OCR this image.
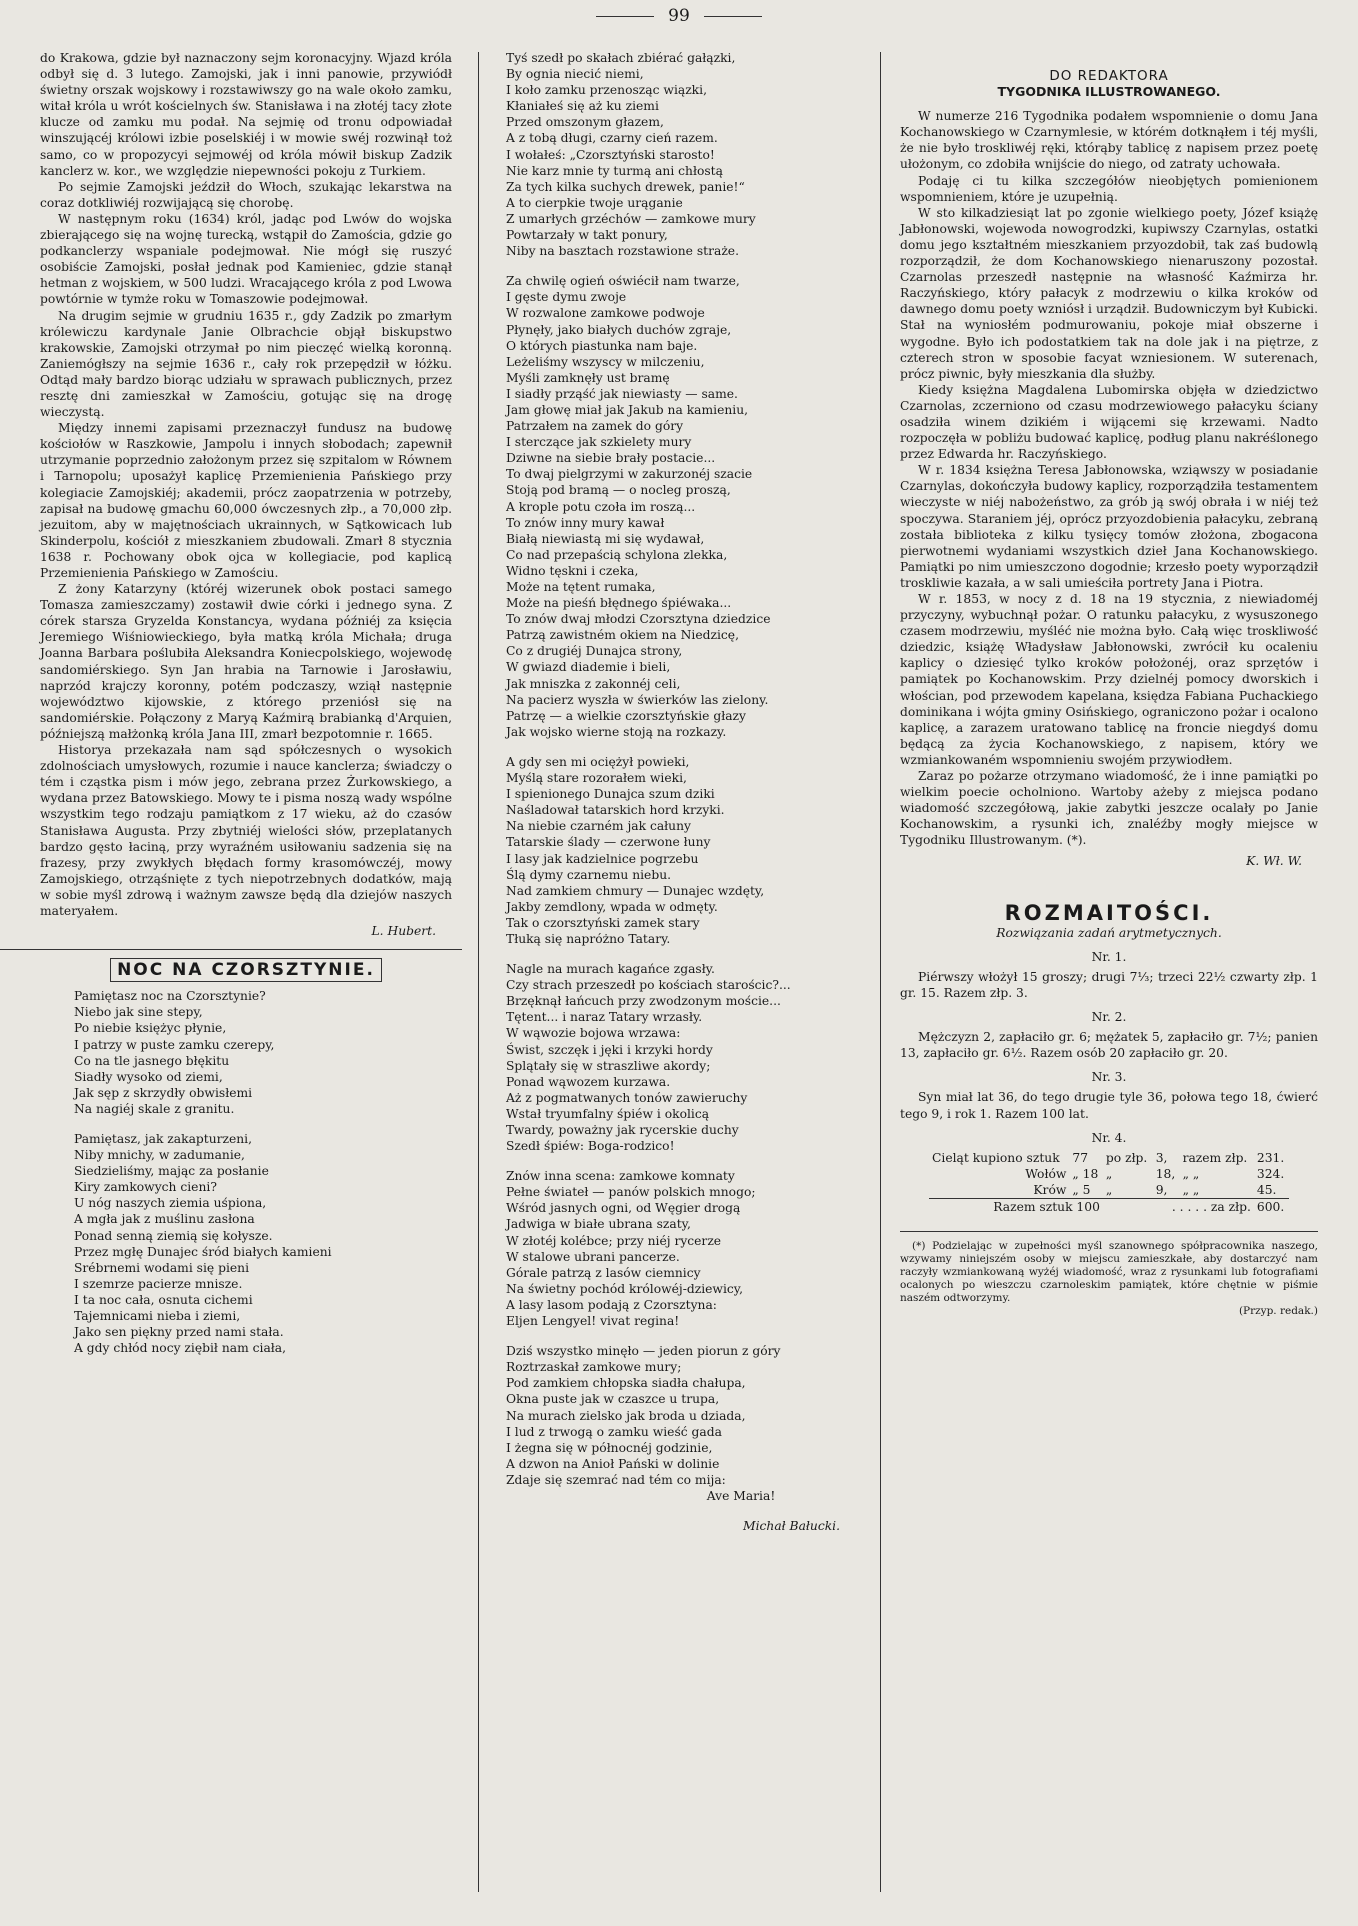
99

do Krakowa, gdzie był naznaczony sejm koronacyjny. Wjazd króla odbył się d. 3 lutego. Zamojski, jak i inni panowie, przywiódł świetny orszak wojskowy i rozstawiwszy go na wale około zamku, witał króla u wrót kościelnych św. Stanisława i na złotéj tacy złote klucze od zamku mu podał. Na sejmię od tronu odpowiadał winszującéj królowi izbie poselskiéj i w mowie swéj rozwinął toż samo, co w propozycyi sejmowéj od króla mówił biskup Zadzik kanclerz w. kor., we względzie niepewności pokoju z Turkiem.

Po sejmie Zamojski jeździł do Włoch, szukając lekarstwa na coraz dotkliwiéj rozwijającą się chorobę.

W następnym roku (1634) król, jadąc pod Lwów do wojska zbierającego się na wojnę turecką, wstąpił do Zamościa, gdzie go podkanclerzy wspaniale podejmował. Nie mógł się ruszyć osobiście Zamojski, posłał jednak pod Kamieniec, gdzie stanął hetman z wojskiem, w 500 ludzi. Wracającego króla z pod Lwowa powtórnie w tymże roku w Tomaszowie podejmował.

Na drugim sejmie w grudniu 1635 r., gdy Zadzik po zmarłym królewiczu kardynale Janie Olbrachcie objął biskupstwo krakowskie, Zamojski otrzymał po nim pieczęć wielką koronną. Zaniemógłszy na sejmie 1636 r., cały rok przepędził w łóżku. Odtąd mały bardzo biorąc udziału w sprawach publicznych, przez resztę dni zamieszkał w Zamościu, gotując się na drogę wieczystą.

Między innemi zapisami przeznaczył fundusz na budowę kościołów w Raszkowie, Jampolu i innych słobodach; zapewnił utrzymanie poprzednio założonym przez się szpitalom w Równem i Tarnopolu; uposażył kaplicę Przemienienia Pańskiego przy kolegiacie Zamojskiéj; akademii, prócz zaopatrzenia w potrzeby, zapisał na budowę gmachu 60,000 ówczesnych złp., a 70,000 złp. jezuitom, aby w majętnościach ukrainnych, w Sątkowicach lub Skinderpolu, kościół z mieszkaniem zbudowali. Zmarł 8 stycznia 1638 r. Pochowany obok ojca w kollegiacie, pod kaplicą Przemienienia Pańskiego w Zamościu.

Z żony Katarzyny (któréj wizerunek obok postaci samego Tomasza zamieszczamy) zostawił dwie córki i jednego syna. Z córek starsza Gryzelda Konstancya, wydana późniéj za księcia Jeremiego Wiśniowieckiego, była matką króla Michała; druga Joanna Barbara poślubiła Aleksandra Koniecpolskiego, wojewodę sandomiérskiego. Syn Jan hrabia na Tarnowie i Jarosławiu, naprzód krajczy koronny, potém podczaszy, wziął następnie województwo kijowskie, z którego przeniósł się na sandomiérskie. Połączony z Maryą Kaźmirą brabianką d'Arquien, późniejszą małżonką króla Jana III, zmarł bezpotomnie r. 1665.

Historya przekazała nam sąd spółczesnych o wysokich zdolnościach umysłowych, rozumie i nauce kanclerza; świadczy o tém i cząstka pism i mów jego, zebrana przez Żurkowskiego, a wydana przez Batowskiego. Mowy te i pisma noszą wady wspólne wszystkim tego rodzaju pamiątkom z 17 wieku, aż do czasów Stanisława Augusta. Przy zbytniéj wielości słów, przeplatanych bardzo gęsto łaciną, przy wyraźném usiłowaniu sadzenia się na frazesy, przy zwykłych błędach formy krasomówczéj, mowy Zamojskiego, otrząśnięte z tych niepotrzebnych dodatków, mają w sobie myśl zdrową i ważnym zawsze będą dla dziejów naszych materyałem.

L. Hubert.
NOC NA CZORSZTYNIE.
Pamiętasz noc na Czorsztynie?
Niebo jak sine stepy,
Po niebie księżyc płynie,
I patrzy w puste zamku czerepy,
Co na tle jasnego błękitu
Siadły wysoko od ziemi,
Jak sęp z skrzydły obwisłemi
Na nagiéj skale z granitu.
Pamiętasz, jak zakapturzeni,
Niby mnichy, w zadumanie,
Siedzieliśmy, mając za posłanie
Kiry zamkowych cieni?
U nóg naszych ziemia uśpiona,
A mgła jak z muślinu zasłona
Ponad senną ziemią się kołysze.
Przez mgłę Dunajec śród białych kamieni
Srébrnemi wodami się pieni
I szemrze pacierze mnisze.
I ta noc cała, osnuta cichemi
Tajemnicami nieba i ziemi,
Jako sen piękny przed nami stała.
A gdy chłód nocy ziębił nam ciała,
Tyś szedł po skałach zbiérać gałązki,
By ognia niecić niemi,
I koło zamku przenosząc wiązki,
Kłaniałeś się aż ku ziemi
Przed omszonym głazem,
A z tobą długi, czarny cień razem.
I wołałeś: „Czorsztyński starosto!
Nie karz mnie ty turmą ani chłostą
Za tych kilka suchych drewek, panie!“
A to cierpkie twoje urąganie
Z umarłych grzéchów — zamkowe mury
Powtarzały w takt ponury,
Niby na basztach rozstawione straże.
Za chwilę ogień oświécił nam twarze,
I gęste dymu zwoje
W rozwalone zamkowe podwoje
Płynęły, jako białych duchów zgraje,
O których piastunka nam baje.
Leżeliśmy wszyscy w milczeniu,
Myśli zamknęły ust bramę
I siadły prząść jak niewiasty — same.
Jam głowę miał jak Jakub na kamieniu,
Patrzałem na zamek do góry
I sterczące jak szkielety mury
Dziwne na siebie brały postacie...
To dwaj pielgrzymi w zakurzonéj szacie
Stoją pod bramą — o nocleg proszą,
A krople potu czoła im roszą...
To znów inny mury kawał
Białą niewiastą mi się wydawał,
Co nad przepaścią schylona zlekka,
Widno tęskni i czeka,
Może na tętent rumaka,
Może na pieśń błędnego śpiéwaka...
To znów dwaj młodzi Czorsztyna dziedzice
Patrzą zawistném okiem na Niedzicę,
Co z drugiéj Dunajca strony,
W gwiazd diademie i bieli,
Jak mniszka z zakonnéj celi,
Na pacierz wyszła w świerków las zielony.
Patrzę — a wielkie czorsztyńskie głazy
Jak wojsko wierne stoją na rozkazy.
A gdy sen mi ociężył powieki,
Myślą stare rozorałem wieki,
I spienionego Dunajca szum dziki
Naśladował tatarskich hord krzyki.
Na niebie czarném jak całuny
Tatarskie ślady — czerwone łuny
I lasy jak kadzielnice pogrzebu
Ślą dymy czarnemu niebu.
Nad zamkiem chmury — Dunajec wzdęty,
Jakby zemdlony, wpada w odmęty.
Tak o czorsztyński zamek stary
Tłuką się napróżno Tatary.
Nagle na murach kagańce zgasły.
Czy strach przeszedł po kościach starościc?...
Brzęknął łańcuch przy zwodzonym moście...
Tętent... i naraz Tatary wrzasły.
W wąwozie bojowa wrzawa:
Świst, szczęk i jęki i krzyki hordy
Splątały się w straszliwe akordy;
Ponad wąwozem kurzawa.
Aż z pogmatwanych tonów zawieruchy
Wstał tryumfalny śpiéw i okolicą
Twardy, poważny jak rycerskie duchy
Szedł śpiéw: Boga-rodzico!
Znów inna scena: zamkowe komnaty
Pełne świateł — panów polskich mnogo;
Wśród jasnych ogni, od Węgier drogą
Jadwiga w białe ubrana szaty,
W złotéj kolébce; przy niéj rycerze
W stalowe ubrani pancerze.
Górale patrzą z lasów ciemnicy
Na świetny pochód królowéj-dziewicy,
A lasy lasom podają z Czorsztyna:
Eljen Lengyel! vivat regina!
Dziś wszystko minęło — jeden piorun z góry
Roztrzaskał zamkowe mury;
Pod zamkiem chłopska siadła chałupa,
Okna puste jak w czaszce u trupa,
Na murach zielsko jak broda u dziada,
I lud z trwogą o zamku wieść gada
I żegna się w północnéj godzinie,
A dzwon na Anioł Pański w dolinie
Zdaje się szemrać nad tém co mija:
Ave Maria!
Michał Bałucki.
DO REDAKTORA
TYGODNIKA ILLUSTROWANEGO.

W numerze 216 Tygodnika podałem wspomnienie o domu Jana Kochanowskiego w Czarnymlesie, w którém dotknąłem i téj myśli, że nie było troskliwéj ręki, którąby tablicę z napisem przez poetę ułożonym, co zdobiła wnijście do niego, od zatraty uchowała.

Podaję ci tu kilka szczegółów nieobjętych pomienionem wspomnieniem, które je uzupełnią.

W sto kilkadziesiąt lat po zgonie wielkiego poety, Józef książę Jabłonowski, wojewoda nowogrodzki, kupiwszy Czarnylas, ostatki domu jego kształtném mieszkaniem przyozdobił, tak zaś budowlą rozporządził, że dom Kochanowskiego nienaruszony pozostał. Czarnolas przeszedł następnie na własność Kaźmirza hr. Raczyńskiego, który pałacyk z modrzewiu o kilka kroków od dawnego domu poety wzniósł i urządził. Budowniczym był Kubicki. Stał na wyniosłém podmurowaniu, pokoje miał obszerne i wygodne. Było ich podostatkiem tak na dole jak i na piętrze, z czterech stron w sposobie facyat wzniesionem. W suterenach, prócz piwnic, były mieszkania dla służby.

Kiedy księżna Magdalena Lubomirska objęła w dziedzictwo Czarnolas, zczerniono od czasu modrzewiowego pałacyku ściany osadziła winem dzikiém i wijącemi się krzewami. Nadto rozpoczęła w pobliżu budować kaplicę, podług planu nakréślonego przez Edwarda hr. Raczyńskiego.

W r. 1834 księżna Teresa Jabłonowska, wziąwszy w posiadanie Czarnylas, dokończyła budowy kaplicy, rozporządziła testamentem wieczyste w niéj nabożeństwo, za grób ją swój obrała i w niéj też spoczywa. Staraniem jéj, oprócz przyozdobienia pałacyku, zebraną została biblioteka z kilku tysięcy tomów złożona, zbogacona pierwotnemi wydaniami wszystkich dzieł Jana Kochanowskiego. Pamiątki po nim umieszczono dogodnie; krzesło poety wyporządził troskliwie kazała, a w sali umieściła portrety Jana i Piotra.

W r. 1853, w nocy z d. 18 na 19 stycznia, z niewiadoméj przyczyny, wybuchnął pożar. O ratunku pałacyku, z wysuszonego czasem modrzewiu, myśléć nie można było. Całą więc troskliwość dziedzic, książę Władysław Jabłonowski, zwrócił ku ocaleniu kaplicy o dziesięć tylko kroków położonéj, oraz sprzętów i pamiątek po Kochanowskim. Przy dzielnéj pomocy dworskich i włościan, pod przewodem kapelana, księdza Fabiana Puchackiego dominikana i wójta gminy Osińskiego, ograniczono pożar i ocalono kaplicę, a zarazem uratowano tablicę na froncie niegdyś domu będącą za życia Kochanowskiego, z napisem, który we wzmiankowaném wspomnieniu swojém przywiodłem.

Zaraz po pożarze otrzymano wiadomość, że i inne pamiątki po wielkim poecie ocholniono. Wartoby ażeby z miejsca podano wiadomość szczegółową, jakie zabytki jeszcze ocalały po Janie Kochanowskim, a rysunki ich, znaléźby mogły miejsce w Tygodniku Illustrowanym. (*).

K. Wł. W.
ROZMAITOŚCI.
Rozwiązania zadań arytmetycznych.
Nr. 1.

Piérwszy włożył 15 groszy; drugi 7⅓; trzeci 22½ czwarty złp. 1 gr. 15. Razem złp. 3.

Nr. 2.

Mężczyzn 2, zapłaciło gr. 6; mężatek 5, zapłaciło gr. 7½; panien 13, zapłaciło gr. 6½. Razem osób 20 zapłaciło gr. 20.

Nr. 3.

Syn miał lat 36, do tego drugie tyle 36, połowa tego 18, ćwierć tego 9, i rok 1. Razem 100 lat.

Nr. 4.
Cieląt kupiono sztuk	77	po złp.	3,	razem złp.	231.
Wołów	„ 18	„	18,	„ „	324.
Krów	„ 5	„	9,	„ „	45.
Razem sztuk 100		. . . . . za złp.			600.

(*) Podzielając w zupełności myśl szanownego spółpracownika naszego, wzywamy niniejszém osoby w miejscu zamieszkałe, aby dostarczyć nam raczyły wzmiankowaną wyżéj wiadomość, wraz z rysunkami lub fotografiami ocalonych po wieszczu czarnoleskim pamiątek, które chętnie w piśmie naszém odtworzymy.

(Przyp. redak.)
